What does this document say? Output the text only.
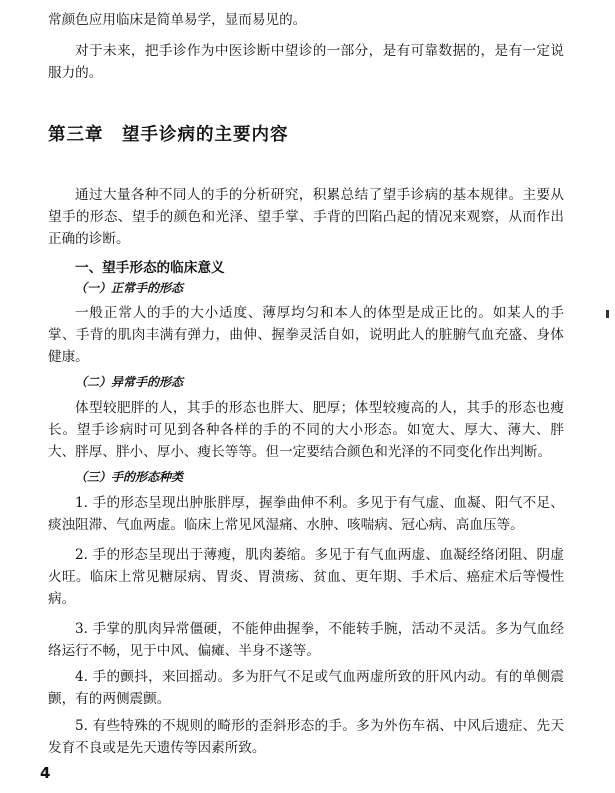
常颜色应用临床是简单易学，显而易见的。

对于未来，把手诊作为中医诊断中望诊的一部分，是有可靠数据的，是有一定说服力的。

第三章　望手诊病的主要内容

通过大量各种不同人的手的分析研究，积累总结了望手诊病的基本规律。主要从望手的形态、望手的颜色和光泽、望手掌、手背的凹陷凸起的情况来观察，从而作出正确的诊断。

一、望手形态的临床意义
（一）正常手的形态

一般正常人的手的大小适度、薄厚均匀和本人的体型是成正比的。如某人的手掌、手背的肌肉丰满有弹力，曲伸、握拳灵活自如，说明此人的脏腑气血充盛、身体健康。

（二）异常手的形态

体型较肥胖的人，其手的形态也胖大、肥厚；体型较瘦高的人，其手的形态也瘦长。望手诊病时可见到各种各样的手的不同的大小形态。如宽大、厚大、薄大、胖大、胖厚、胖小、厚小、瘦长等等。但一定要结合颜色和光泽的不同变化作出判断。

（三）手的形态种类

1. 手的形态呈现出肿胀胖厚，握拳曲伸不利。多见于有气虚、血凝、阳气不足、痰浊阻滞、气血两虚。临床上常见风湿痛、水肿、咳喘病、冠心病、高血压等。

2. 手的形态呈现出于薄瘦，肌肉萎缩。多见于有气血两虚、血凝经络闭阻、阴虚火旺。临床上常见糖尿病、胃炎、胃溃疡、贫血、更年期、手术后、癌症术后等慢性病。

3. 手掌的肌肉异常僵硬，不能伸曲握拳，不能转手腕，活动不灵活。多为气血经络运行不畅，见于中风、偏瘫、半身不遂等。

4. 手的颤抖，来回摇动。多为肝气不足或气血两虚所致的肝风内动。有的单侧震颤，有的两侧震颤。

5. 有些特殊的不规则的畸形的歪斜形态的手。多为外伤车祸、中风后遗症、先天发育不良或是先天遗传等因素所致。

4
